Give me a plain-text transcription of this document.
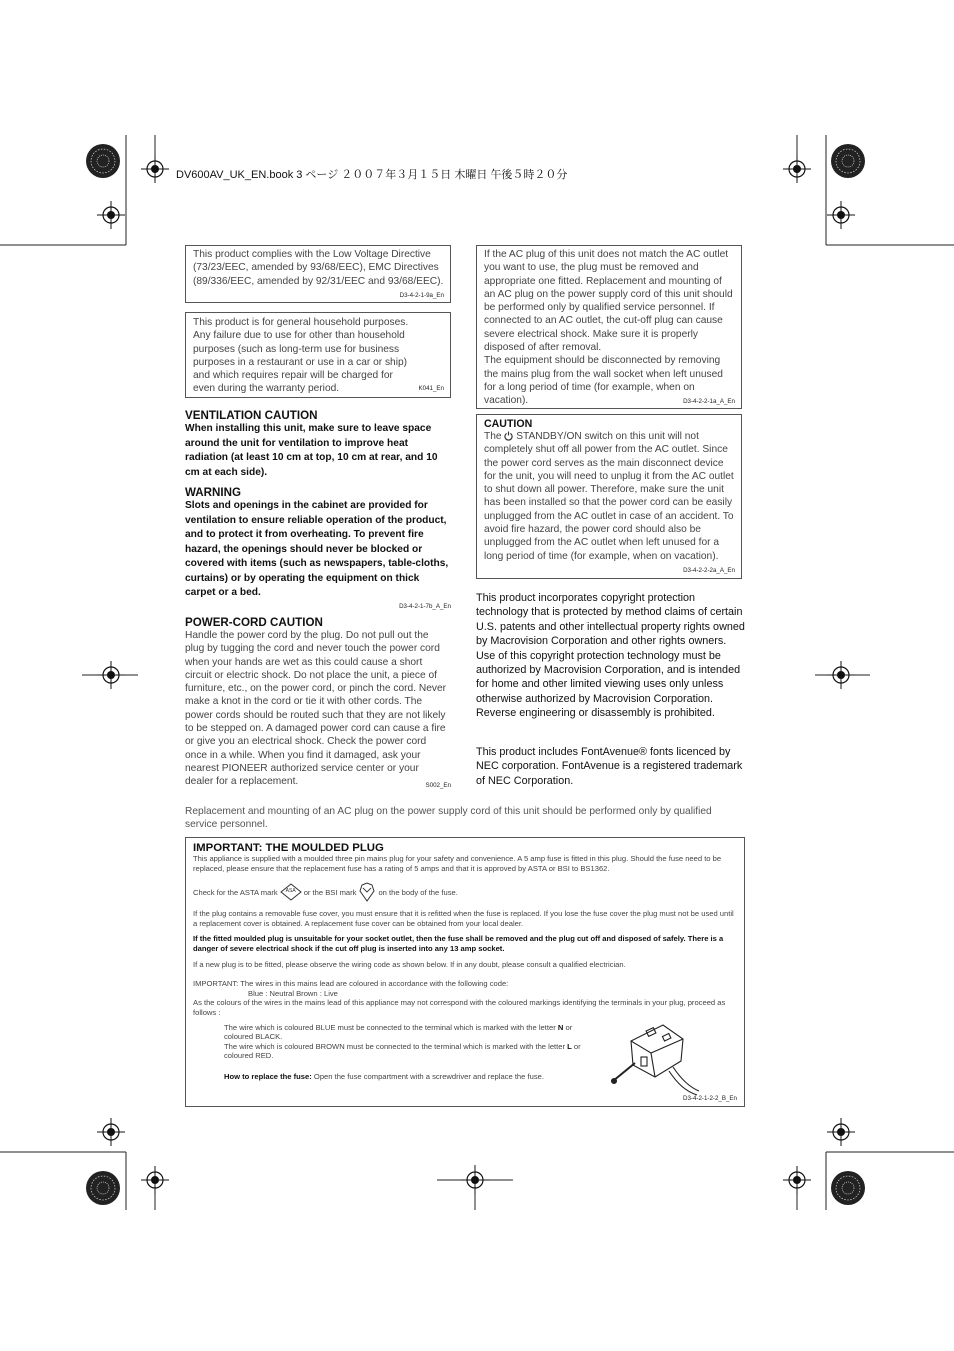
DV600AV_UK_EN.book 3 ページ ２００７年３月１５日 木曜日 午後５時２０分

This product complies with the Low Voltage Directive (73/23/EEC, amended by 93/68/EEC), EMC Directives (89/336/EEC, amended by 92/31/EEC and 93/68/EEC).

D3-4-2-1-9a_En

This product is for general household purposes. Any failure due to use for other than household purposes (such as long-term use for business purposes in a restaurant or use in a car or ship) and which requires repair will be charged for even during the warranty period.	K041_En

VENTILATION CAUTION

When installing this unit, make sure to leave space around the unit for ventilation to improve heat radiation (at least 10 cm at top, 10 cm at rear, and 10 cm at each side).

WARNING

Slots and openings in the cabinet are provided for ventilation to ensure reliable operation of the product, and to protect it from overheating. To prevent fire hazard, the openings should never be blocked or covered with items (such as newspapers, table-cloths, curtains) or by operating the equipment on thick carpet or a bed.

D3-4-2-1-7b_A_En

POWER-CORD CAUTION

Handle the power cord by the plug. Do not pull out the plug by tugging the cord and never touch the power cord when your hands are wet as this could cause a short circuit or electric shock. Do not place the unit, a piece of furniture, etc., on the power cord, or pinch the cord. Never make a knot in the cord or tie it with other cords. The power cords should be routed such that they are not likely to be stepped on. A damaged power cord can cause a fire or give you an electrical shock. Check the power cord once in a while. When you find it damaged, ask your nearest PIONEER authorized service center or your dealer for a replacement.	S002_En

If the AC plug of this unit does not match the AC outlet you want to use, the plug must be removed and appropriate one fitted. Replacement and mounting of an AC plug on the power supply cord of this unit should be performed only by qualified service personnel. If connected to an AC outlet, the cut-off plug can cause severe electrical shock. Make sure it is properly disposed of after removal.

The equipment should be disconnected by removing the mains plug from the wall socket when left unused for a long period of time (for example, when on vacation).	D3-4-2-2-1a_A_En

CAUTION

The STANDBY/ON switch on this unit will not completely shut off all power from the AC outlet. Since the power cord serves as the main disconnect device for the unit, you will need to unplug it from the AC outlet to shut down all power. Therefore, make sure the unit has been installed so that the power cord can be easily unplugged from the AC outlet in case of an accident. To avoid fire hazard, the power cord should also be unplugged from the AC outlet when left unused for a long period of time (for example, when on vacation).

D3-4-2-2-2a_A_En

This product incorporates copyright protection technology that is protected by method claims of certain U.S. patents and other intellectual property rights owned by Macrovision Corporation and other rights owners. Use of this copyright protection technology must be authorized by Macrovision Corporation, and is intended for home and other limited viewing uses only unless otherwise authorized by Macrovision Corporation. Reverse engineering or disassembly is prohibited.

This product includes FontAvenue® fonts licenced by NEC corporation. FontAvenue is a registered trademark of NEC Corporation.

Replacement and mounting of an AC plug on the power supply cord of this unit should be performed only by qualified service personnel.

IMPORTANT: THE MOULDED PLUG

This appliance is supplied with a moulded three pin mains plug for your safety and convenience. A 5 amp fuse is fitted in this plug. Should the fuse need to be replaced, please ensure that the replacement fuse has a rating of 5 amps and that it is approved by ASTA or BSI to BS1362.

Check for the ASTA mark	ASA	or the BSI mark	on the body of the fuse.

If the plug contains a removable fuse cover, you must ensure that it is refitted when the fuse is replaced. If you lose the fuse cover the plug must not be used until a replacement cover is obtained. A replacement fuse cover can be obtained from your local dealer.

If the fitted moulded plug is unsuitable for your socket outlet, then the fuse shall be removed and the plug cut off and disposed of safely. There is a danger of severe electrical shock if the cut off plug is inserted into any 13 amp socket.

If a new plug is to be fitted, please observe the wiring code as shown below. If in any doubt, please consult a qualified electrician.

IMPORTANT: The wires in this mains lead are coloured in accordance with the following code:

Blue : Neutral Brown : Live

As the colours of the wires in the mains lead of this appliance may not correspond with the coloured markings identifying the terminals in your plug, proceed as follows :

The wire which is coloured BLUE must be connected to the terminal which is marked with the letter N or coloured BLACK.

The wire which is coloured BROWN must be connected to the terminal which is marked with the letter L or coloured RED.

How to replace the fuse: Open the fuse compartment with a screwdriver and replace the fuse.

D3-4-2-1-2-2_B_En
